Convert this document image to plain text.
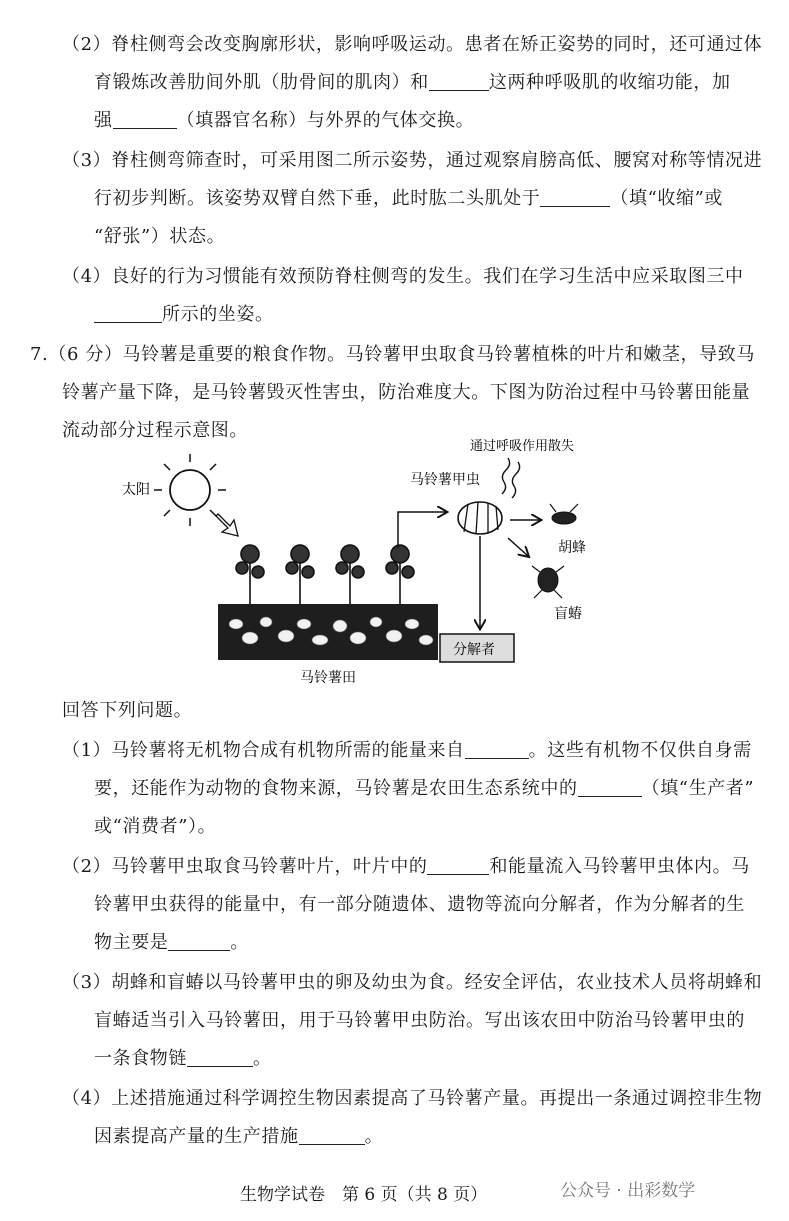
（2）脊柱侧弯会改变胸廓形状，影响呼吸运动。患者在矫正姿势的同时，还可通过体
育锻炼改善肋间外肌（肋骨间的肌肉）和	这两种呼吸肌的收缩功能，加
强	（填器官名称）与外界的气体交换。
（3）脊柱侧弯筛查时，可采用图二所示姿势，通过观察肩膀高低、腰窝对称等情况进
行初步判断。该姿势双臂自然下垂，此时肱二头肌处于	（填“收缩”或
“舒张”）状态。
（4）良好的行为习惯能有效预防脊柱侧弯的发生。我们在学习生活中应采取图三中
所示的坐姿。
7.（6 分）马铃薯是重要的粮食作物。马铃薯甲虫取食马铃薯植株的叶片和嫩茎，导致马
铃薯产量下降，是马铃薯毁灭性害虫，防治难度大。下图为防治过程中马铃薯田能量
流动部分过程示意图。
太阳
马铃薯田
马铃薯甲虫
通过呼吸作用散失
胡蜂
盲蝽
分解者
回答下列问题。
（1）马铃薯将无机物合成有机物所需的能量来自	。这些有机物不仅供自身需
要，还能作为动物的食物来源，马铃薯是农田生态系统中的	（填“生产者”
或“消费者”）。
（2）马铃薯甲虫取食马铃薯叶片，叶片中的	和能量流入马铃薯甲虫体内。马
铃薯甲虫获得的能量中，有一部分随遗体、遗物等流向分解者，作为分解者的生
物主要是	。
（3）胡蜂和盲蝽以马铃薯甲虫的卵及幼虫为食。经安全评估，农业技术人员将胡蜂和
盲蝽适当引入马铃薯田，用于马铃薯甲虫防治。写出该农田中防治马铃薯甲虫的
一条食物链	。
（4）上述措施通过科学调控生物因素提高了马铃薯产量。再提出一条通过调控非生物
因素提高产量的生产措施	。
生物学试卷　第 6 页（共 8 页）	公众号 · 出彩数学
